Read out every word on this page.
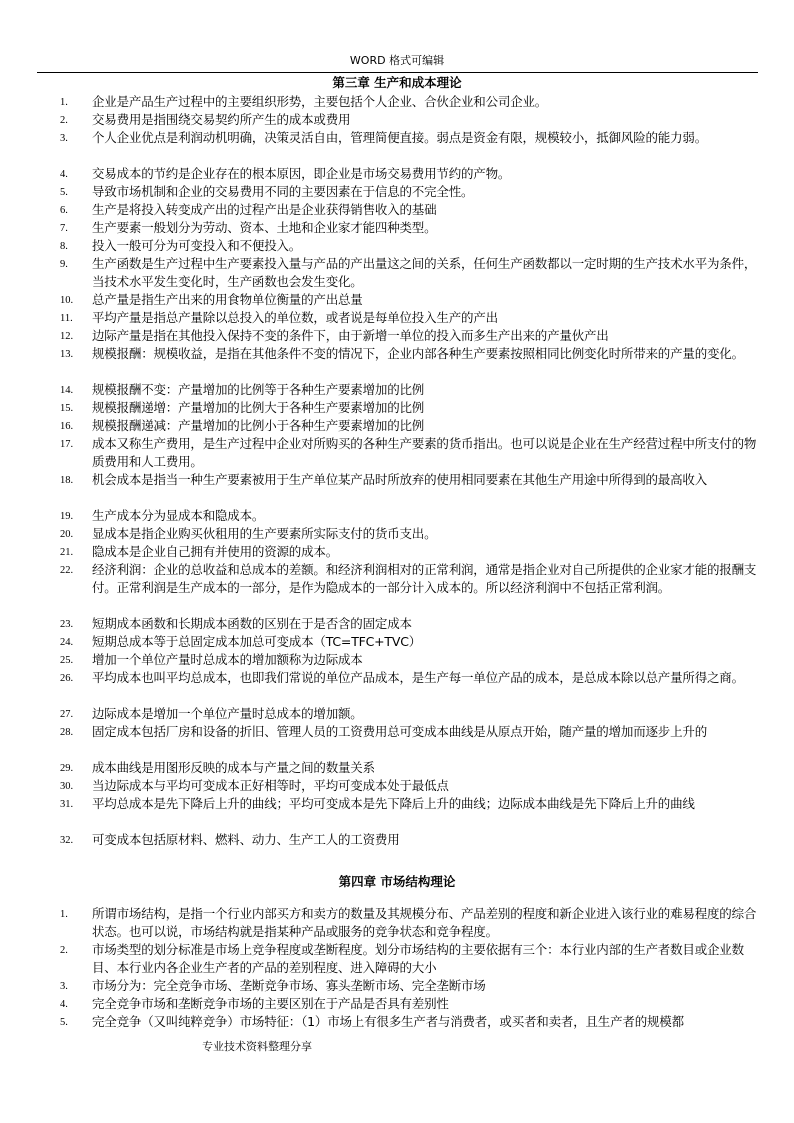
WORD 格式可编辑
第三章 生产和成本理论
第四章 市场结构理论
1.	企业是产品生产过程中的主要组织形势，主要包括个人企业、合伙企业和公司企业。
2.	交易费用是指围绕交易契约所产生的成本或费用
3.	个人企业优点是利润动机明确，决策灵活自由，管理简便直接。弱点是资金有限，规模较小，抵御风险的能力弱。
4.	交易成本的节约是企业存在的根本原因，即企业是市场交易费用节约的产物。
5.	导致市场机制和企业的交易费用不同的主要因素在于信息的不完全性。
6.	生产是将投入转变成产出的过程产出是企业获得销售收入的基础
7.	生产要素一般划分为劳动、资本、土地和企业家才能四种类型。
8.	投入一般可分为可变投入和不便投入。
9.	生产函数是生产过程中生产要素投入量与产品的产出量这之间的关系，任何生产函数都以一定时期的生产技术水平为条件，当技术水平发生变化时，生产函数也会发生变化。
10.	总产量是指生产出来的用食物单位衡量的产出总量
11.	平均产量是指总产量除以总投入的单位数，或者说是每单位投入生产的产出
12.	边际产量是指在其他投入保持不变的条件下，由于新增一单位的投入而多生产出来的产量伙产出
13.	规模报酬：规模收益，是指在其他条件不变的情况下，企业内部各种生产要素按照相同比例变化时所带来的产量的变化。
14.	规模报酬不变：产量增加的比例等于各种生产要素增加的比例
15.	规模报酬递增：产量增加的比例大于各种生产要素增加的比例
16.	规模报酬递减：产量增加的比例小于各种生产要素增加的比例
17.	成本又称生产费用，是生产过程中企业对所购买的各种生产要素的货币指出。也可以说是企业在生产经营过程中所支付的物质费用和人工费用。
18.	机会成本是指当一种生产要素被用于生产单位某产品时所放弃的使用相同要素在其他生产用途中所得到的最高收入
19.	生产成本分为显成本和隐成本。
20.	显成本是指企业购买伙租用的生产要素所实际支付的货币支出。
21.	隐成本是企业自己拥有并使用的资源的成本。
22.	经济利润：企业的总收益和总成本的差额。和经济利润相对的正常利润，通常是指企业对自己所提供的企业家才能的报酬支付。正常利润是生产成本的一部分，是作为隐成本的一部分计入成本的。所以经济利润中不包括正常利润。
23.	短期成本函数和长期成本函数的区别在于是否含的固定成本
24.	短期总成本等于总固定成本加总可变成本（TC=TFC+TVC）
25.	增加一个单位产量时总成本的增加额称为边际成本
26.	平均成本也叫平均总成本，也即我们常说的单位产品成本，是生产每一单位产品的成本，是总成本除以总产量所得之商。
27.	边际成本是增加一个单位产量时总成本的增加额。
28.	固定成本包括厂房和设备的折旧、管理人员的工资费用总可变成本曲线是从原点开始，随产量的增加而逐步上升的
29.	成本曲线是用图形反映的成本与产量之间的数量关系
30.	当边际成本与平均可变成本正好相等时，平均可变成本处于最低点
31.	平均总成本是先下降后上升的曲线；平均可变成本是先下降后上升的曲线；边际成本曲线是先下降后上升的曲线
32.	可变成本包括原材料、燃料、动力、生产工人的工资费用
1.	所谓市场结构，是指一个行业内部买方和卖方的数量及其规模分布、产品差别的程度和新企业进入该行业的难易程度的综合状态。也可以说，市场结构就是指某种产品或服务的竞争状态和竞争程度。
2.	市场类型的划分标准是市场上竞争程度或垄断程度。划分市场结构的主要依据有三个：本行业内部的生产者数目或企业数目、本行业内各企业生产者的产品的差别程度、进入障碍的大小
3.	市场分为：完全竞争市场、垄断竞争市场、寡头垄断市场、完全垄断市场
4.	完全竞争市场和垄断竞争市场的主要区别在于产品是否具有差别性
5.	完全竞争（又叫纯粹竞争）市场特征：（1）市场上有很多生产者与消费者，或买者和卖者，且生产者的规模都
专业技术资料整理分享
